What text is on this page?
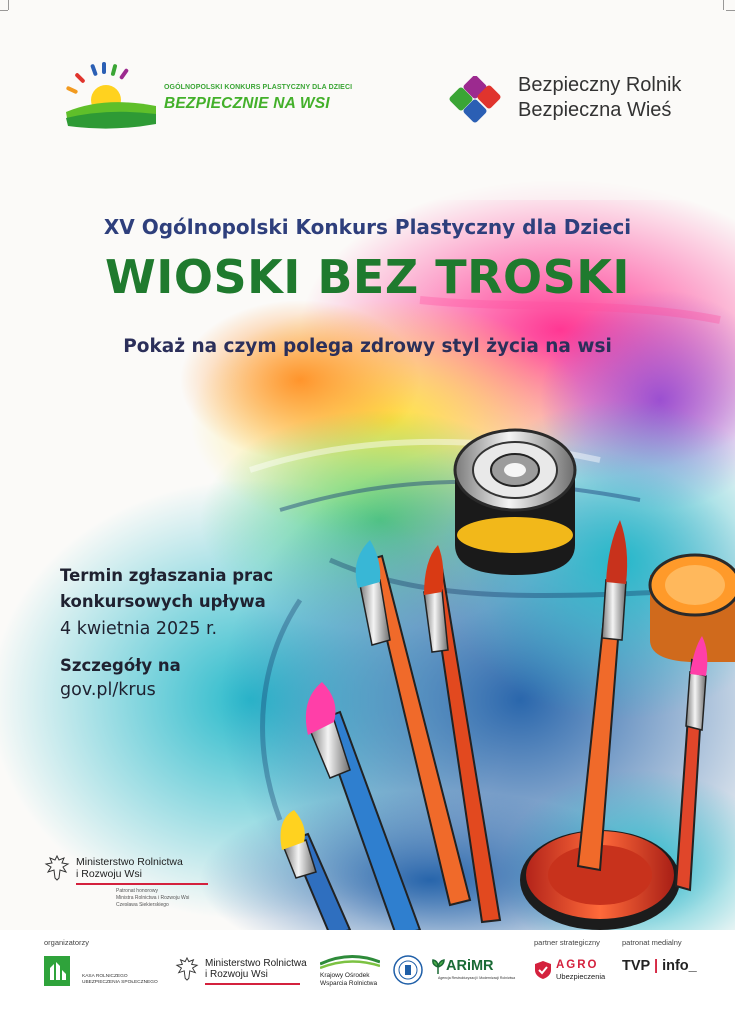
OGÓLNOPOLSKI KONKURS PLASTYCZNY DLA DZIECI
BEZPIECZNIE NA WSI
Bezpieczny Rolnik
Bezpieczna Wieś
XV Ogólnopolski Konkurs Plastyczny dla Dzieci
WIOSKI BEZ TROSKI
Pokaż na czym polega zdrowy styl życia na wsi
Termin zgłaszania prac
konkursowych upływa
4 kwietnia 2025 r.
Szczegóły na
gov.pl/krus
Ministerstwo Rolnictwa
i Rozwoju Wsi
Patronat honorowy
Ministra Rolnictwa i Rozwoju Wsi
Czesława Siekierskiego
organizatorzy	partner strategiczny	patronat medialny
KASA ROLNICZEGO
UBEZPIECZENIA SPOŁECZNEGO
Ministerstwo Rolnictwa
i Rozwoju Wsi	Krajowy Ośrodek
Wsparcia Rolnictwa
ARiMR
Agencja Restrukturyzacji i Modernizacji Rolnictwa
AGRO
Ubezpieczenia
TVP | info_
